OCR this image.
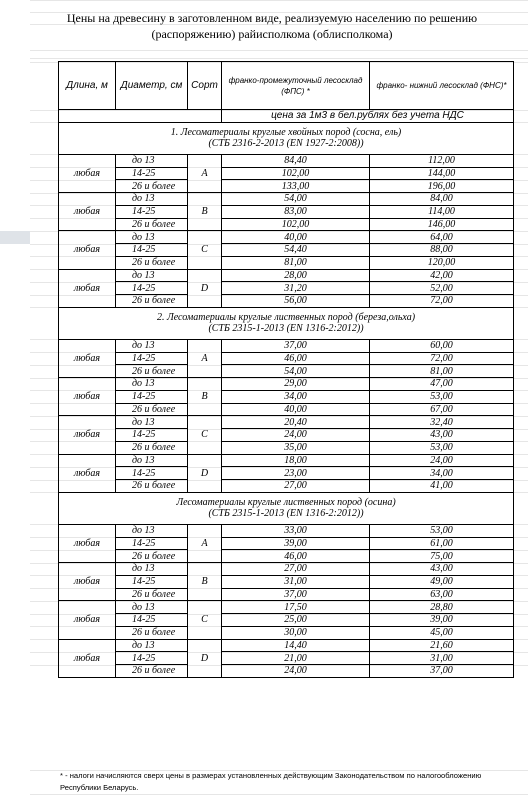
Цены на древесину в заготовленном виде, реализуемую населению по решению (распоряжению) райисполкома (облисполкома)
Длина, м	Диаметр, см	Сорт	франко-промежуточный лесосклад (ФПС) *	франко- нижний лесосклад (ФНС)*
			цена за 1м3 в бел.рублях без учета НДС	

1. Лесоматериалы круглые хвойных пород (сосна, ель)
(СТБ 2316-2-2013 (EN 1927-2:2008))				

любая	до 13	A	84,40	112,00
	14-25		102,00	144,00
	26 и более		133,00	196,00
любая	до 13	B	54,00	84,00
	14-25		83,00	114,00
	26 и более		102,00	146,00
любая	до 13	C	40,00	64,00
	14-25		54,40	88,00
	26 и более		81,00	120,00
любая	до 13	D	28,00	42,00
	14-25		31,20	52,00
	26 и более		56,00	72,00

2. Лесоматериалы круглые лиственных пород (береза,ольха)
(СТБ 2315-1-2013 (EN 1316-2:2012))				

любая	до 13	A	37,00	60,00
	14-25		46,00	72,00
	26 и более		54,00	81,00
любая	до 13	B	29,00	47,00
	14-25		34,00	53,00
	26 и более		40,00	67,00
любая	до 13	C	20,40	32,40
	14-25		24,00	43,00
	26 и более		35,00	53,00
любая	до 13	D	18,00	24,00
	14-25		23,00	34,00
	26 и более		27,00	41,00

Лесоматериалы круглые лиственных пород (осина)
(СТБ 2315-1-2013 (EN 1316-2:2012))				

любая	до 13	A	33,00	53,00
	14-25		39,00	61,00
	26 и более		46,00	75,00
любая	до 13	B	27,00	43,00
	14-25		31,00	49,00
	26 и более		37,00	63,00
любая	до 13	C	17,50	28,80
	14-25		25,00	39,00
	26 и более		30,00	45,00
любая	до 13	D	14,40	21,60
	14-25		21,00	31,00
	26 и более		24,00	37,00
* - налоги начисляются сверх цены в размерах установленных действующим Законодательством по налогообложению Республики Беларусь.
